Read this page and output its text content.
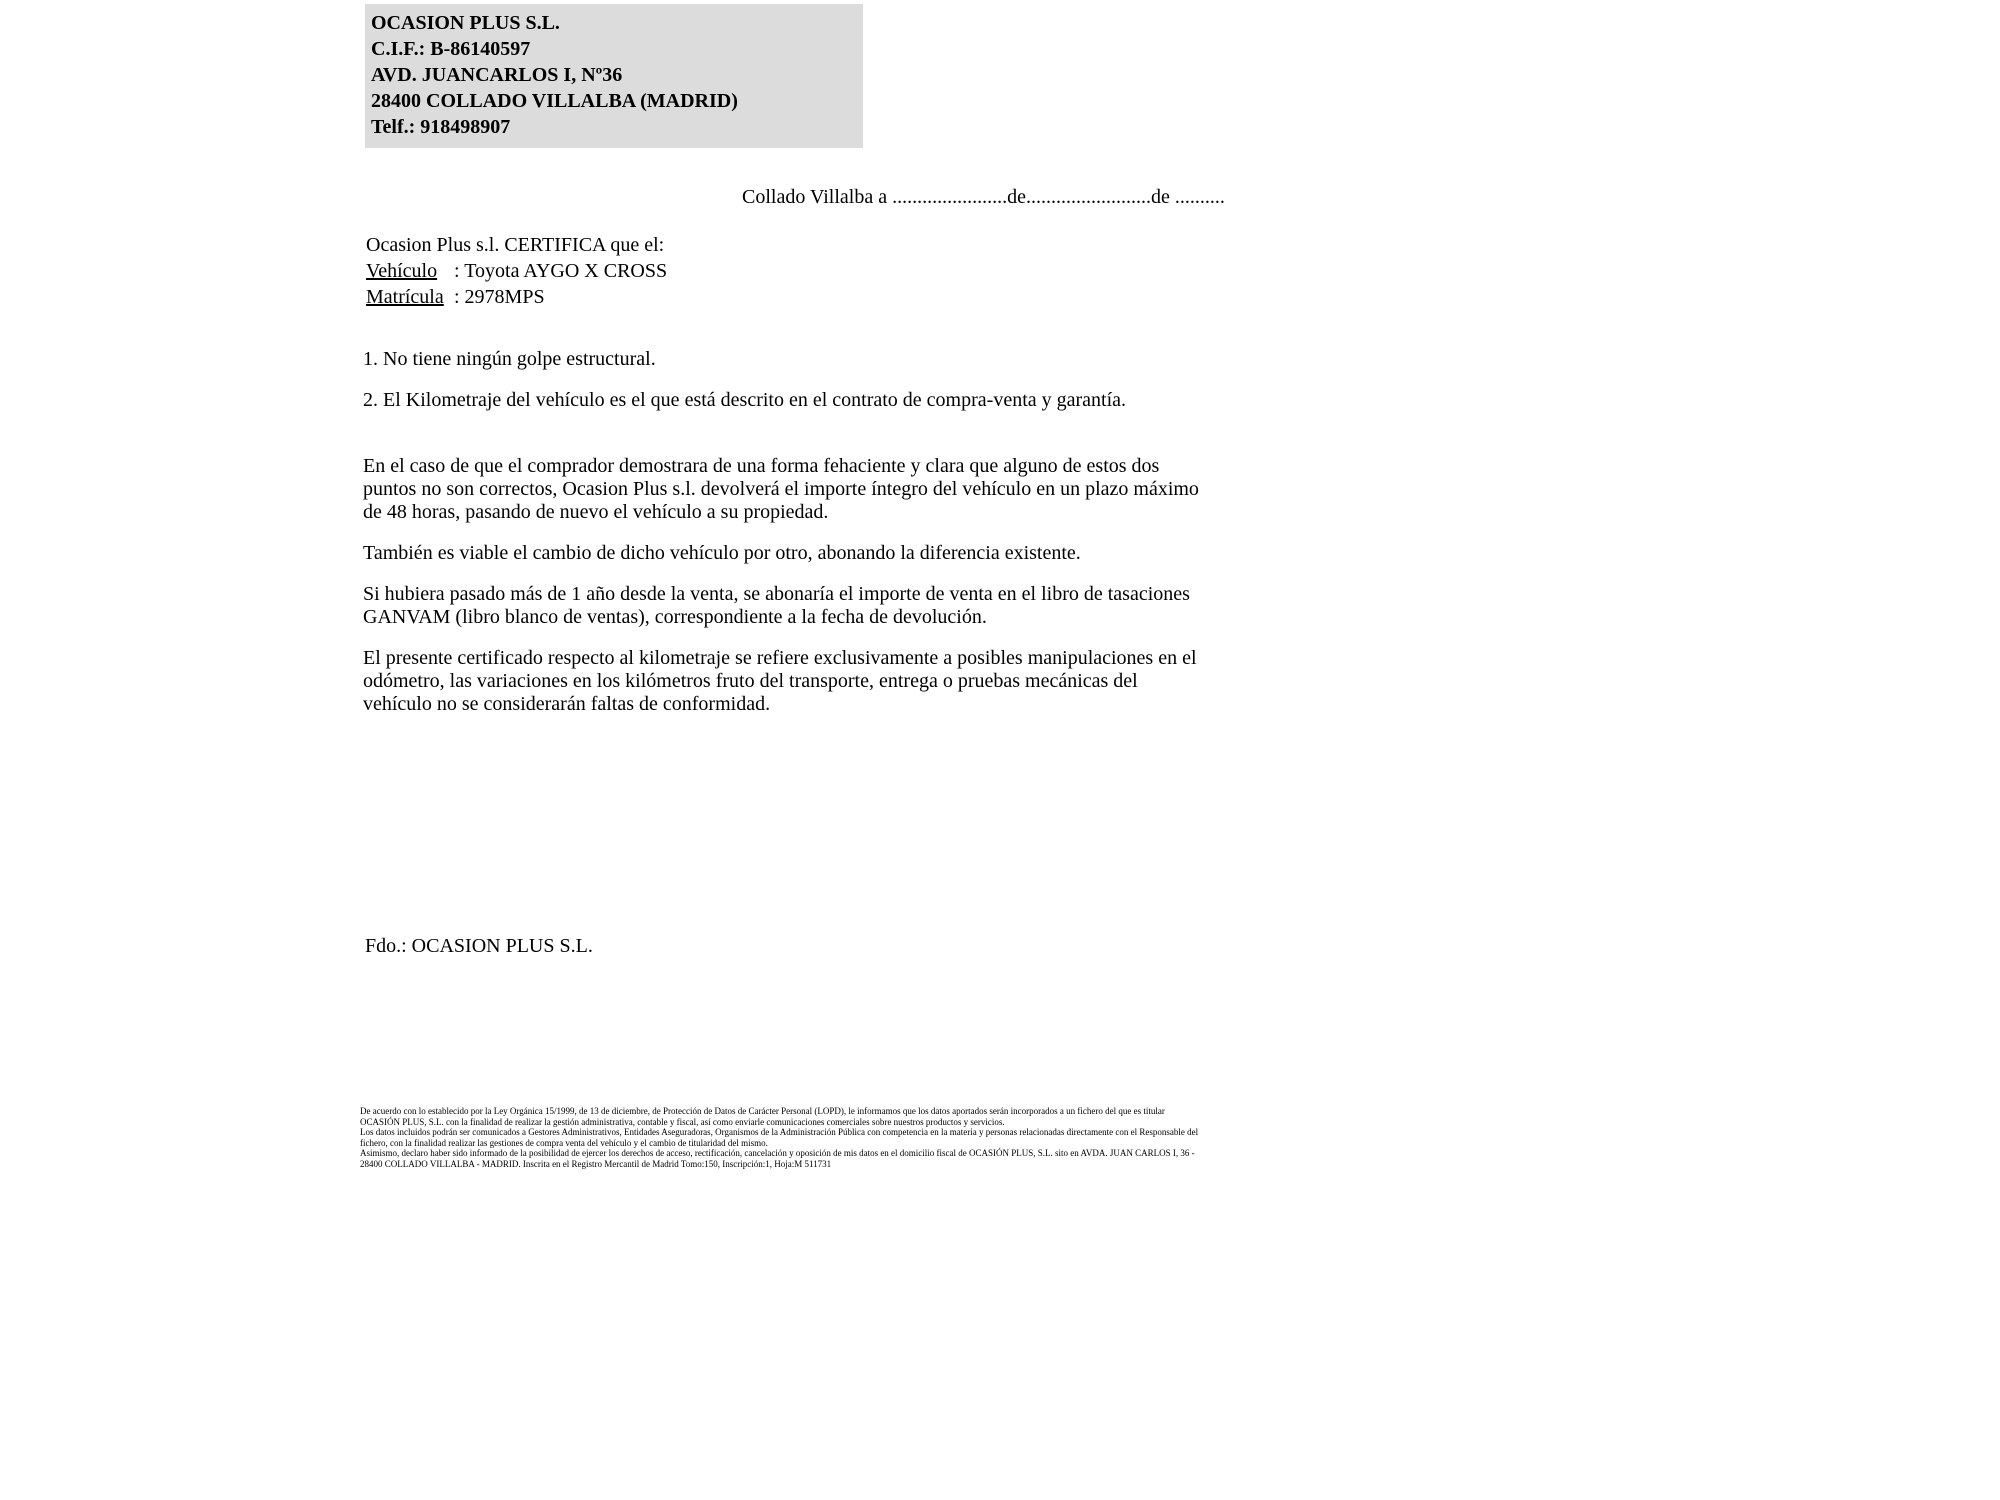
OCASION PLUS S.L.
C.I.F.: B-86140597
AVD. JUANCARLOS I, Nº36
28400 COLLADO VILLALBA (MADRID)
Telf.: 918498907
Collado Villalba a .......................de.........................de ..........
Ocasion Plus s.l. CERTIFICA que el:
Vehículo : Toyota AYGO X CROSS
Matrícula : 2978MPS

1. No tiene ningún golpe estructural.

2. El Kilometraje del vehículo es el que está descrito en el contrato de compra-venta y garantía.

En el caso de que el comprador demostrara de una forma fehaciente y clara que alguno de estos dos puntos no son correctos, Ocasion Plus s.l. devolverá el importe íntegro del vehículo en un plazo máximo de 48 horas, pasando de nuevo el vehículo a su propiedad.

También es viable el cambio de dicho vehículo por otro, abonando la diferencia existente.

Si hubiera pasado más de 1 año desde la venta, se abonaría el importe de venta en el libro de tasaciones GANVAM (libro blanco de ventas), correspondiente a la fecha de devolución.

El presente certificado respecto al kilometraje se refiere exclusivamente a posibles manipulaciones en el odómetro, las variaciones en los kilómetros fruto del transporte, entrega o pruebas mecánicas del vehículo no se considerarán faltas de conformidad.

Fdo.: OCASION PLUS S.L.

De acuerdo con lo establecido por la Ley Orgánica 15/1999, de 13 de diciembre, de Protección de Datos de Carácter Personal (LOPD), le informamos que los datos aportados serán incorporados a un fichero del que es titular OCASIÓN PLUS, S.L. con la finalidad de realizar la gestión administrativa, contable y fiscal, así como enviarle comunicaciones comerciales sobre nuestros productos y servicios.

Los datos incluidos podrán ser comunicados a Gestores Administrativos, Entidades Aseguradoras, Organismos de la Administración Pública con competencia en la materia y personas relacionadas directamente con el Responsable del fichero, con la finalidad realizar las gestiones de compra venta del vehículo y el cambio de titularidad del mismo.

Asimismo, declaro haber sido informado de la posibilidad de ejercer los derechos de acceso, rectificación, cancelación y oposición de mis datos en el domicilio fiscal de OCASIÓN PLUS, S.L. sito en AVDA. JUAN CARLOS I, 36 - 28400 COLLADO VILLALBA - MADRID. Inscrita en el Registro Mercantil de Madrid Tomo:150, Inscripción:1, Hoja:M 511731
